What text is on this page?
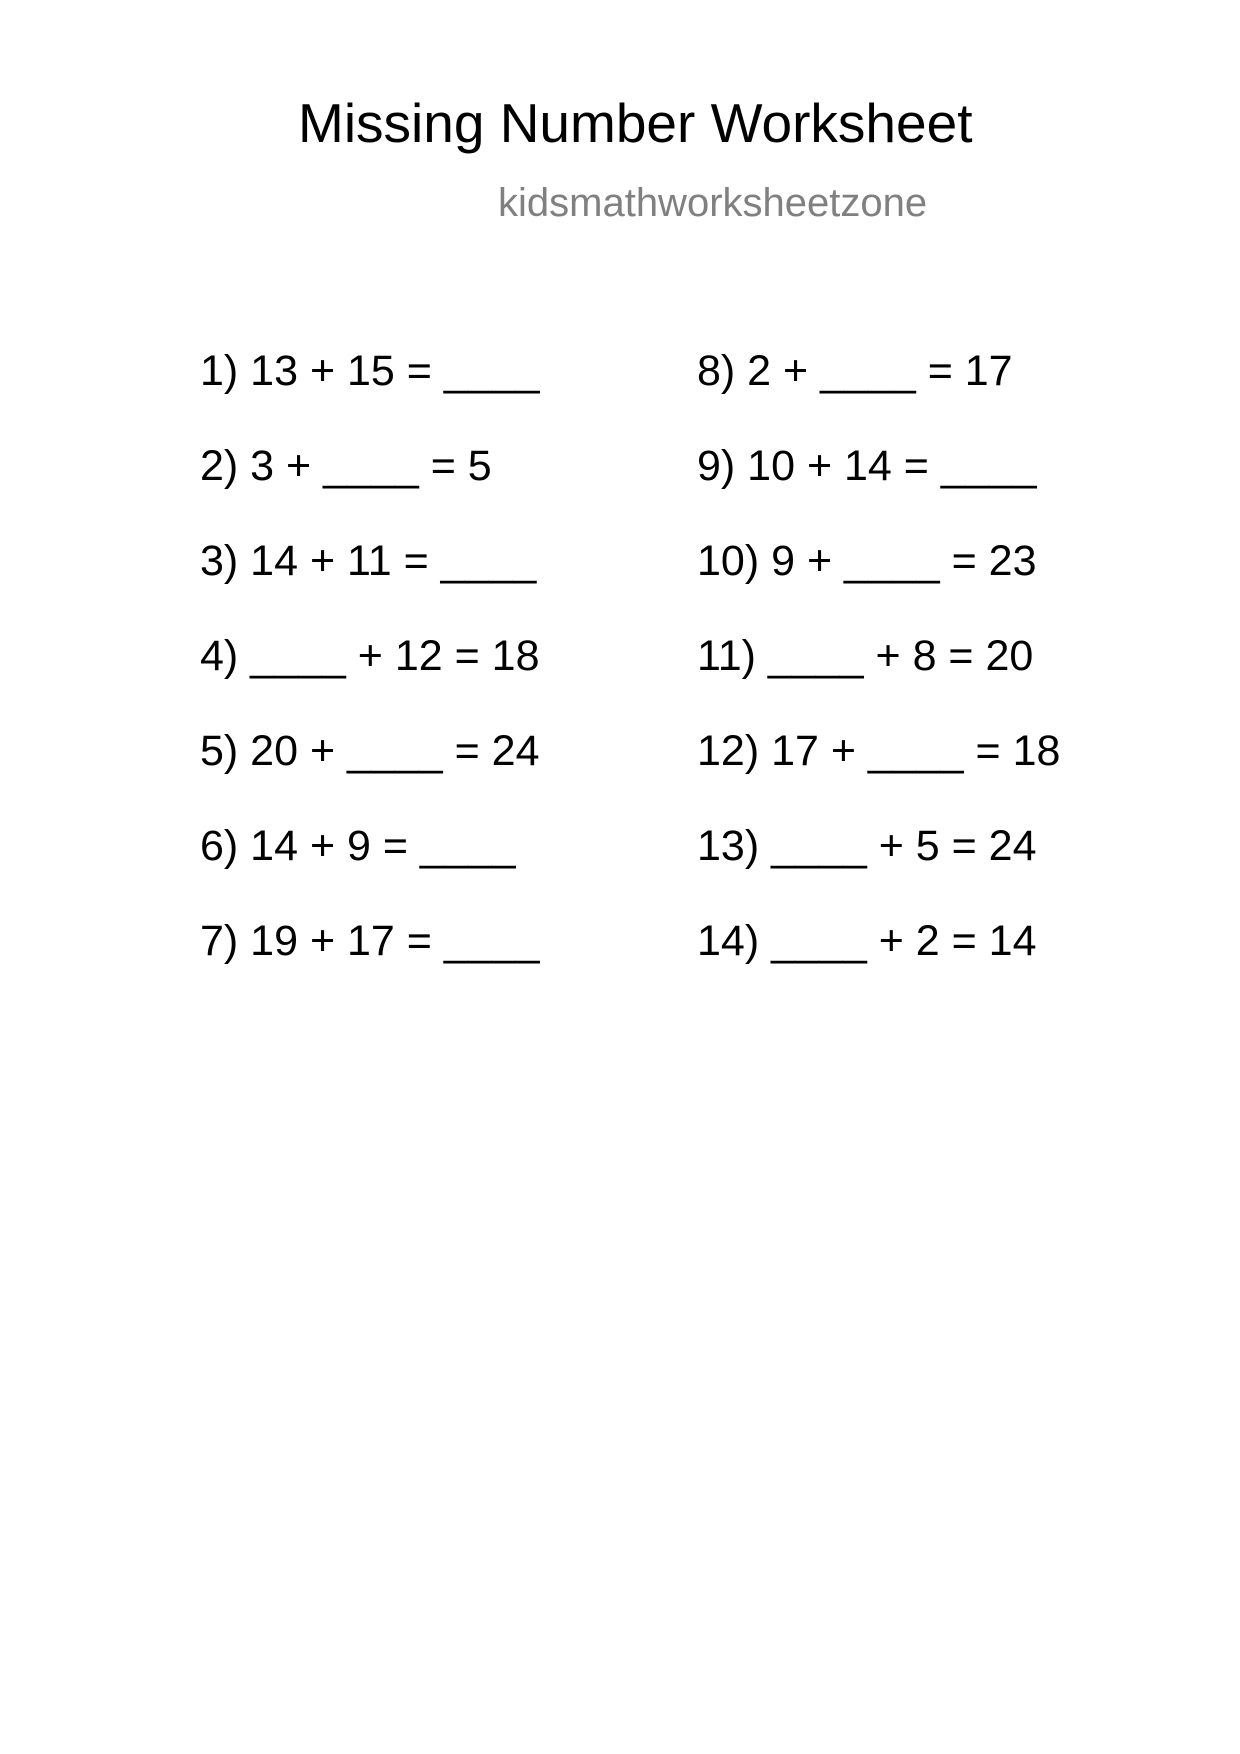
Missing Number Worksheet
kidsmathworksheetzone
1) 13 + 15 = ____
2) 3 + ____ = 5
3) 14 + 11 = ____
4) ____ + 12 = 18
5) 20 + ____ = 24
6) 14 + 9 = ____
7) 19 + 17 = ____
8) 2 + ____ = 17
9) 10 + 14 = ____
10) 9 + ____ = 23
11) ____ + 8 = 20
12) 17 + ____ = 18
13) ____ + 5 = 24
14) ____ + 2 = 14
